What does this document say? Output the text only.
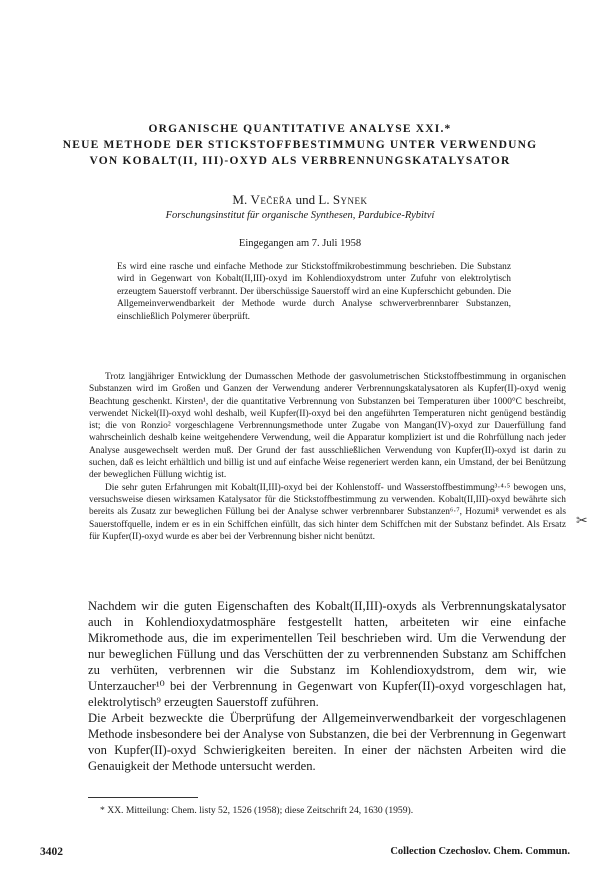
ORGANISCHE QUANTITATIVE ANALYSE XXI.*
NEUE METHODE DER STICKSTOFFBESTIMMUNG UNTER VERWENDUNG
VON KOBALT(II, III)-OXYD ALS VERBRENNUNGSKATALYSATOR
M. Večeřa und L. Synek
Forschungsinstitut für organische Synthesen, Pardubice-Rybitví
Eingegangen am 7. Juli 1958
Es wird eine rasche und einfache Methode zur Stickstoffmikrobestimmung beschrieben. Die Substanz wird in Gegenwart von Kobalt(II,III)-oxyd im Kohlendioxydstrom unter Zufuhr von elektrolytisch erzeugtem Sauerstoff verbrannt. Der überschüssige Sauerstoff wird an eine Kupferschicht gebunden. Die Allgemeinverwendbarkeit der Methode wurde durch Analyse schwerverbrennbarer Substanzen, einschließlich Polymerer überprüft.

Trotz langjähriger Entwicklung der Dumasschen Methode der gasvolumetrischen Stickstoffbestimmung in organischen Substanzen wird im Großen und Ganzen der Verwendung anderer Verbrennungskatalysatoren als Kupfer(II)-oxyd wenig Beachtung geschenkt. Kirsten¹, der die quantitative Verbrennung von Substanzen bei Temperaturen über 1000°C beschreibt, verwendet Nickel(II)-oxyd wohl deshalb, weil Kupfer(II)-oxyd bei den angeführten Temperaturen nicht genügend beständig ist; die von Ronzio² vorgeschlagene Verbrennungsmethode unter Zugabe von Mangan(IV)-oxyd zur Dauerfüllung fand wahrscheinlich deshalb keine weitgehendere Verwendung, weil die Apparatur kompliziert ist und die Rohrfüllung nach jeder Analyse ausgewechselt werden muß. Der Grund der fast ausschließlichen Verwendung von Kupfer(II)-oxyd ist darin zu suchen, daß es leicht erhältlich und billig ist und auf einfache Weise regeneriert werden kann, ein Umstand, der bei Benützung der beweglichen Füllung wichtig ist.

Die sehr guten Erfahrungen mit Kobalt(II,III)-oxyd bei der Kohlenstoff- und Wasserstoffbestimmung³·⁴·⁵ bewogen uns, versuchsweise diesen wirksamen Katalysator für die Stickstoffbestimmung zu verwenden. Kobalt(II,III)-oxyd bewährte sich bereits als Zusatz zur beweglichen Füllung bei der Analyse schwer verbrennbarer Substanzen⁶·⁷, Hozumi⁸ verwendet es als Sauerstoffquelle, indem er es in ein Schiffchen einfüllt, das sich hinter dem Schiffchen mit der Substanz befindet. Als Ersatz für Kupfer(II)-oxyd wurde es aber bei der Verbrennung bisher nicht benützt.

Nachdem wir die guten Eigenschaften des Kobalt(II,III)-oxyds als Verbrennungskatalysator auch in Kohlendioxydatmosphäre festgestellt hatten, arbeiteten wir eine einfache Mikromethode aus, die im experimentellen Teil beschrieben wird. Um die Verwendung der nur beweglichen Füllung und das Verschütten der zu verbrennenden Substanz am Schiffchen zu verhüten, verbrennen wir die Substanz im Kohlendioxydstrom, dem wir, wie Unterzaucher¹⁰ bei der Verbrennung in Gegenwart von Kupfer(II)-oxyd vorgeschlagen hat, elektrolytisch⁹ erzeugten Sauerstoff zuführen.

Die Arbeit bezweckte die Überprüfung der Allgemeinverwendbarkeit der vorgeschlagenen Methode insbesondere bei der Analyse von Substanzen, die bei der Verbrennung in Gegenwart von Kupfer(II)-oxyd Schwierigkeiten bereiten. In einer der nächsten Arbeiten wird die Genauigkeit der Methode untersucht werden.

* XX. Mitteilung: Chem. listy 52, 1526 (1958); diese Zeitschrift 24, 1630 (1959).
3402	Collection Czechoslov. Chem. Commun.
✂
